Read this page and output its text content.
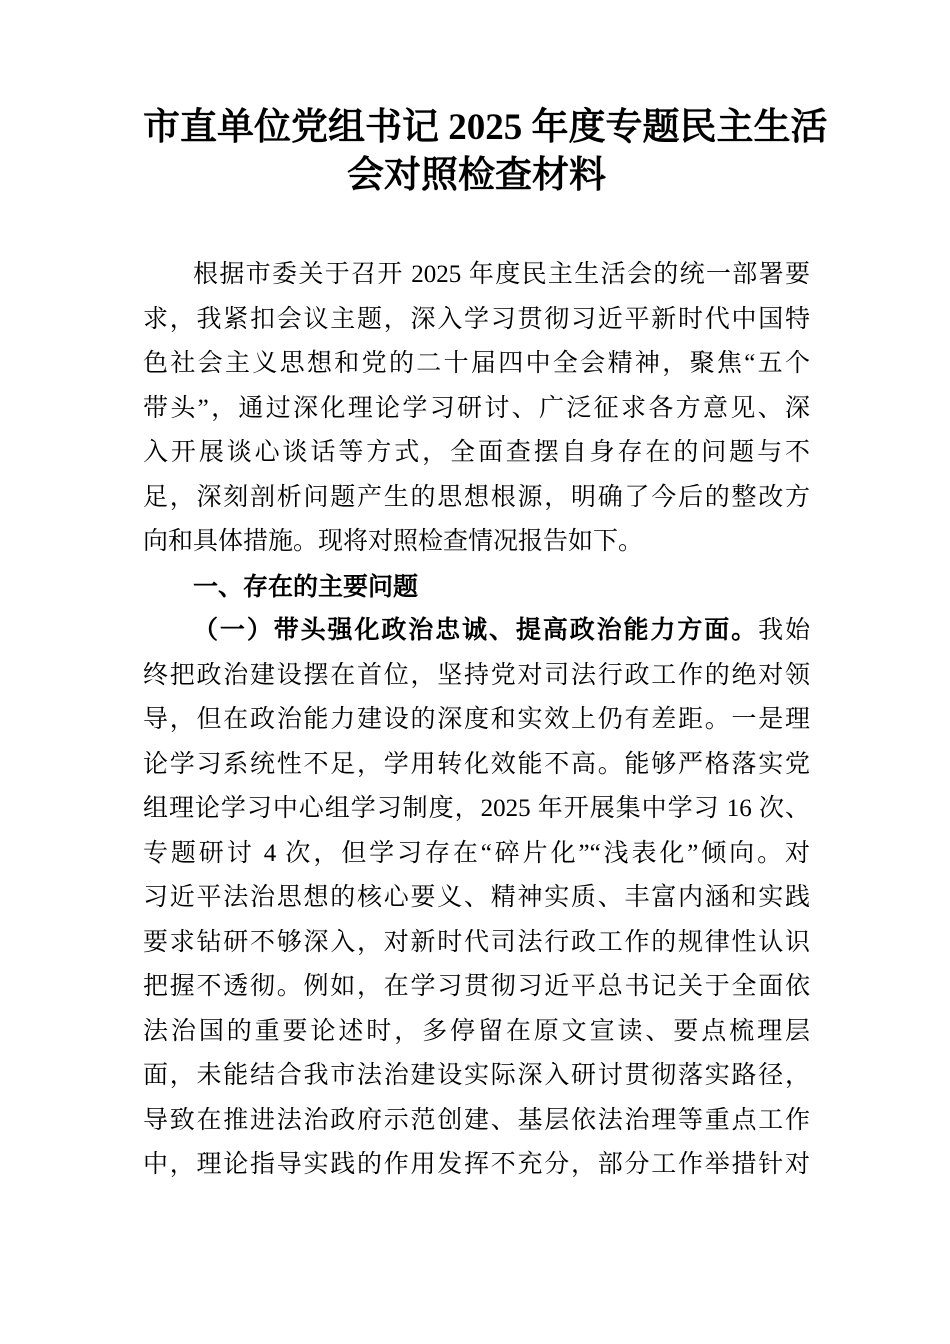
市直单位党组书记 2025 年度专题民主生活
会对照检查材料
根据市委关于召开 2025 年度民主生活会的统一部署要
求，我紧扣会议主题，深入学习贯彻习近平新时代中国特
色社会主义思想和党的二十届四中全会精神，聚焦“五个
带头”，通过深化理论学习研讨、广泛征求各方意见、深
入开展谈心谈话等方式，全面查摆自身存在的问题与不
足，深刻剖析问题产生的思想根源，明确了今后的整改方
向和具体措施。现将对照检查情况报告如下。
一、存在的主要问题
（一）带头强化政治忠诚、提高政治能力方面。我始
终把政治建设摆在首位，坚持党对司法行政工作的绝对领
导，但在政治能力建设的深度和实效上仍有差距。一是理
论学习系统性不足，学用转化效能不高。能够严格落实党
组理论学习中心组学习制度，2025 年开展集中学习 16 次、
专题研讨 4 次，但学习存在“碎片化”“浅表化”倾向。对
习近平法治思想的核心要义、精神实质、丰富内涵和实践
要求钻研不够深入，对新时代司法行政工作的规律性认识
把握不透彻。例如，在学习贯彻习近平总书记关于全面依
法治国的重要论述时，多停留在原文宣读、要点梳理层
面，未能结合我市法治建设实际深入研讨贯彻落实路径，
导致在推进法治政府示范创建、基层依法治理等重点工作
中，理论指导实践的作用发挥不充分，部分工作举措针对
